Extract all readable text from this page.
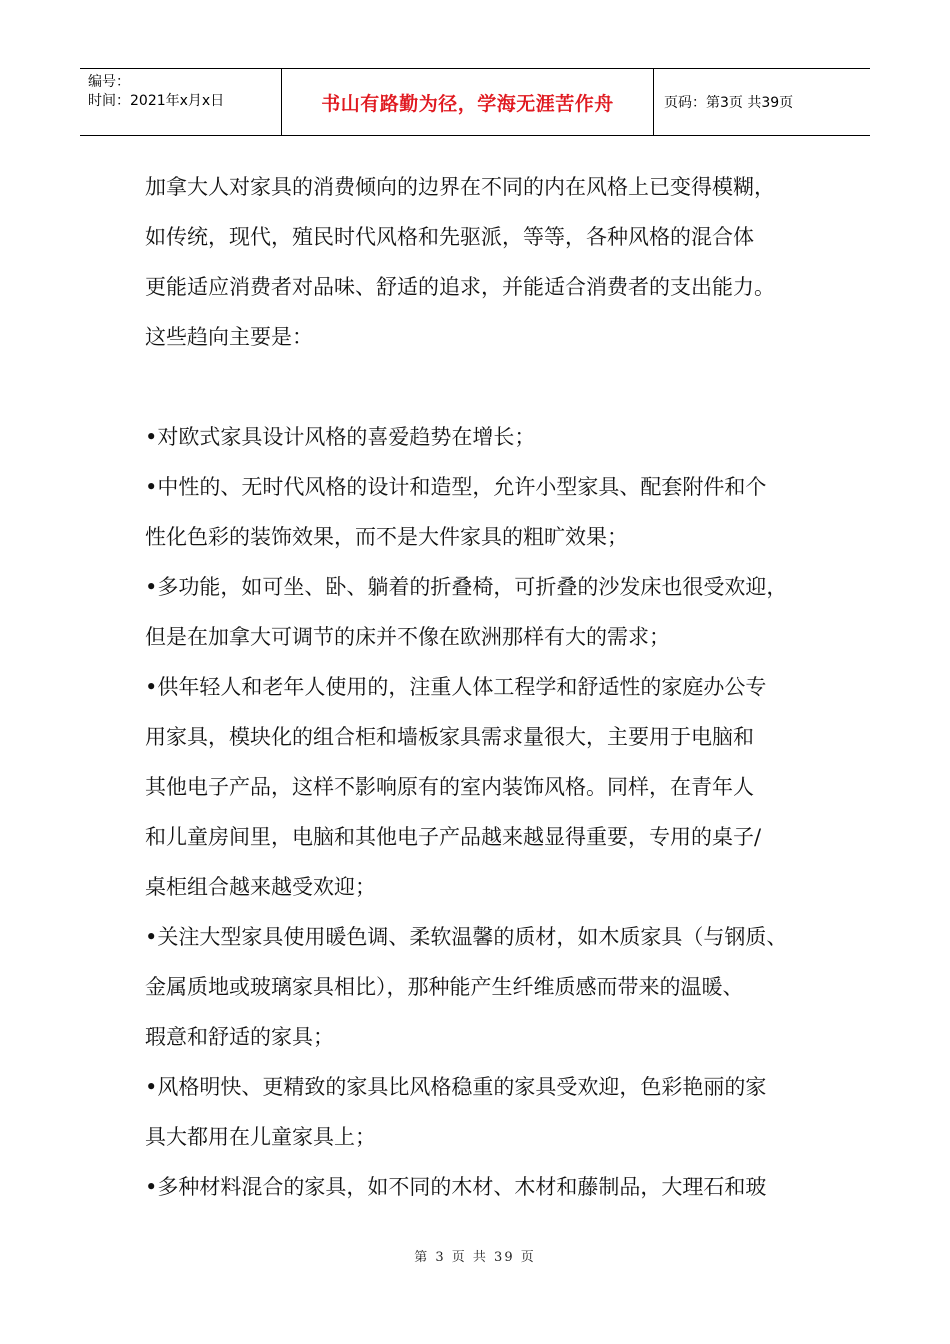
编号：
时间：2021年x月x日	书山有路勤为径，学海无涯苦作舟	页码：第3页 共39页

加拿大人对家具的消费倾向的边界在不同的内在风格上已变得模糊，

如传统，现代，殖民时代风格和先驱派，等等，各种风格的混合体

更能适应消费者对品味、舒适的追求，并能适合消费者的支出能力。

这些趋向主要是：

•对欧式家具设计风格的喜爱趋势在增长；

•中性的、无时代风格的设计和造型，允许小型家具、配套附件和个

性化色彩的装饰效果，而不是大件家具的粗旷效果；

•多功能，如可坐、卧、躺着的折叠椅，可折叠的沙发床也很受欢迎，

但是在加拿大可调节的床并不像在欧洲那样有大的需求；

•供年轻人和老年人使用的，注重人体工程学和舒适性的家庭办公专

用家具，模块化的组合柜和墙板家具需求量很大，主要用于电脑和

其他电子产品，这样不影响原有的室内装饰风格。同样，在青年人

和儿童房间里，电脑和其他电子产品越来越显得重要，专用的桌子/

桌柜组合越来越受欢迎；

•关注大型家具使用暖色调、柔软温馨的质材，如木质家具（与钢质、

金属质地或玻璃家具相比），那种能产生纤维质感而带来的温暖、

瑕意和舒适的家具；

•风格明快、更精致的家具比风格稳重的家具受欢迎，色彩艳丽的家

具大都用在儿童家具上；

•多种材料混合的家具，如不同的木材、木材和藤制品，大理石和玻

第 3 页 共 39 页
